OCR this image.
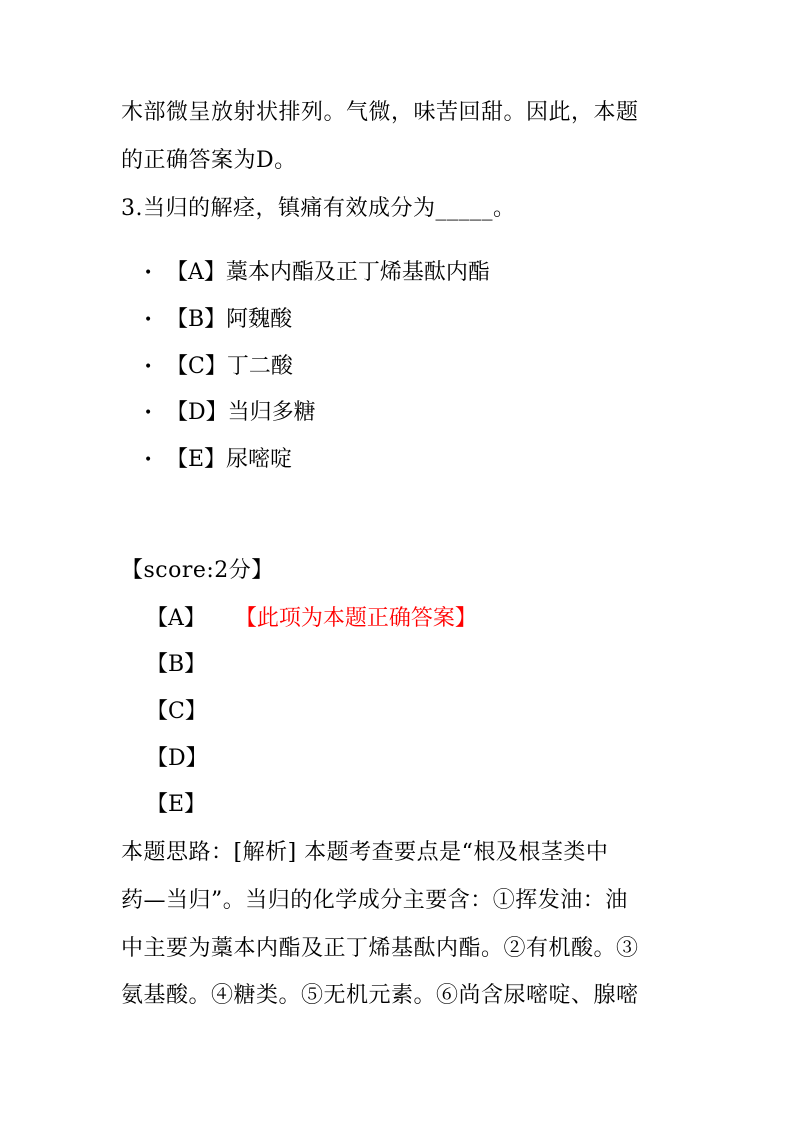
木部微呈放射状排列。气微，味苦回甜。因此，本题
的正确答案为D。
3.当归的解痉，镇痛有效成分为_____。
• 【A】藁本内酯及正丁烯基酞内酯
• 【B】阿魏酸
• 【C】丁二酸
• 【D】当归多糖
• 【E】尿嘧啶
【score:2分】
【A】 【此项为本题正确答案】
【B】
【C】
【D】
【E】
本题思路：[解析] 本题考查要点是“根及根茎类中
药—当归”。当归的化学成分主要含：①挥发油：油
中主要为藁本内酯及正丁烯基酞内酯。②有机酸。③
氨基酸。④糖类。⑤无机元素。⑥尚含尿嘧啶、腺嘧
